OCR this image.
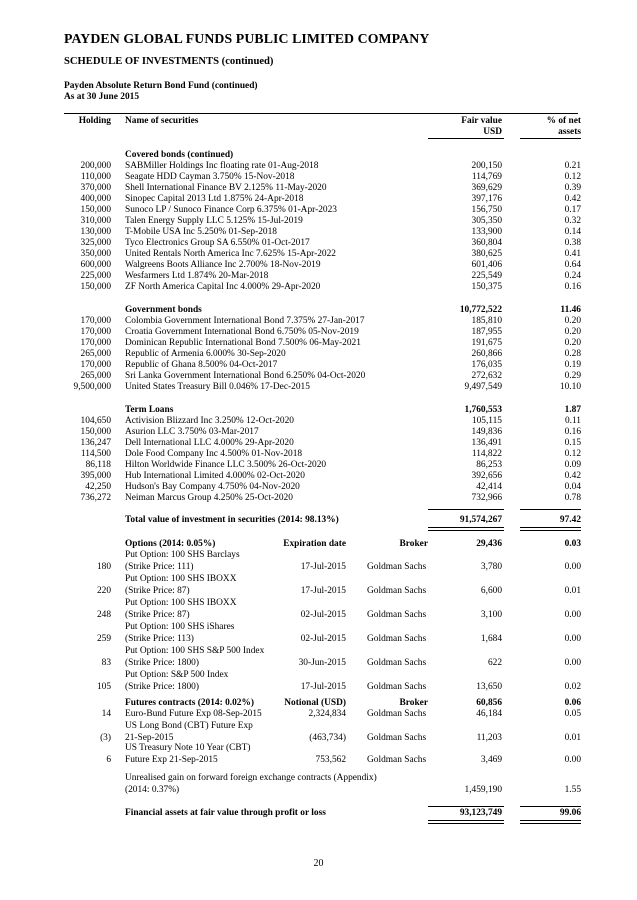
PAYDEN GLOBAL FUNDS PUBLIC LIMITED COMPANY
SCHEDULE OF INVESTMENTS (continued)
Payden Absolute Return Bond Fund (continued)
As at 30 June 2015
Holding Name of securities	Fair value
USD
% of net
assets
Covered bonds (continued)
200,000 SABMiller Holdings Inc floating rate 01-Aug-2018	200,150	0.21
110,000 Seagate HDD Cayman 3.750% 15-Nov-2018	114,769	0.12
370,000 Shell International Finance BV 2.125% 11-May-2020	369,629	0.39
400,000 Sinopec Capital 2013 Ltd 1.875% 24-Apr-2018	397,176	0.42
150,000 Sunoco LP / Sunoco Finance Corp 6.375% 01-Apr-2023	156,750	0.17
310,000 Talen Energy Supply LLC 5.125% 15-Jul-2019	305,350	0.32
130,000 T-Mobile USA Inc 5.250% 01-Sep-2018	133,900	0.14
325,000 Tyco Electronics Group SA 6.550% 01-Oct-2017	360,804	0.38
350,000 United Rentals North America Inc 7.625% 15-Apr-2022	380,625	0.41
600,000 Walgreens Boots Alliance Inc 2.700% 18-Nov-2019	601,406	0.64
225,000 Wesfarmers Ltd 1.874% 20-Mar-2018	225,549	0.24
150,000 ZF North America Capital Inc 4.000% 29-Apr-2020	150,375	0.16
Government bonds	10,772,522	11.46
170,000 Colombia Government International Bond 7.375% 27-Jan-2017	185,810	0.20
170,000 Croatia Government International Bond 6.750% 05-Nov-2019	187,955	0.20
170,000 Dominican Republic International Bond 7.500% 06-May-2021	191,675	0.20
265,000 Republic of Armenia 6.000% 30-Sep-2020	260,866	0.28
170,000 Republic of Ghana 8.500% 04-Oct-2017	176,035	0.19
265,000 Sri Lanka Government International Bond 6.250% 04-Oct-2020	272,632	0.29
9,500,000 United States Treasury Bill 0.046% 17-Dec-2015	9,497,549	10.10
Term Loans	1,760,553	1.87
104,650 Activision Blizzard Inc 3.250% 12-Oct-2020	105,115	0.11
150,000 Asurion LLC 3.750% 03-Mar-2017	149,836	0.16
136,247 Dell International LLC 4.000% 29-Apr-2020	136,491	0.15
114,500 Dole Food Company Inc 4.500% 01-Nov-2018	114,822	0.12
86,118 Hilton Worldwide Finance LLC 3.500% 26-Oct-2020	86,253	0.09
395,000 Hub International Limited 4.000% 02-Oct-2020	392,656	0.42
42,250 Hudson's Bay Company 4.750% 04-Nov-2020	42,414	0.04
736,272 Neiman Marcus Group 4.250% 25-Oct-2020	732,966	0.78
Total value of investment in securities (2014: 98.13%)	91,574,267	97.42
Options (2014: 0.05%)	Expiration date	Broker	29,436	0.03
Put Option: 100 SHS Barclays
180 (Strike Price: 111)	17-Jul-2015 Goldman Sachs	3,780	0.00
Put Option: 100 SHS IBOXX
220 (Strike Price: 87)	17-Jul-2015 Goldman Sachs	6,600	0.01
Put Option: 100 SHS IBOXX
248 (Strike Price: 87)	02-Jul-2015 Goldman Sachs	3,100	0.00
Put Option: 100 SHS iShares
259 (Strike Price: 113)	02-Jul-2015 Goldman Sachs	1,684	0.00
Put Option: 100 SHS S&P 500 Index
83 (Strike Price: 1800)	30-Jun-2015 Goldman Sachs	622	0.00
Put Option: S&P 500 Index
105 (Strike Price: 1800)	17-Jul-2015 Goldman Sachs	13,650	0.02
Futures contracts (2014: 0.02%)	Notional (USD)	Broker	60,856	0.06
14 Euro-Bund Future Exp 08-Sep-2015	2,324,834 Goldman Sachs	46,184	0.05
US Long Bond (CBT) Future Exp
(3) 21-Sep-2015	(463,734) Goldman Sachs	11,203	0.01
US Treasury Note 10 Year (CBT)
6 Future Exp 21-Sep-2015	753,562 Goldman Sachs	3,469	0.00
Unrealised gain on forward foreign exchange contracts (Appendix)
(2014: 0.37%)	1,459,190	1.55
Financial assets at fair value through profit or loss	93,123,749	99.06
20
